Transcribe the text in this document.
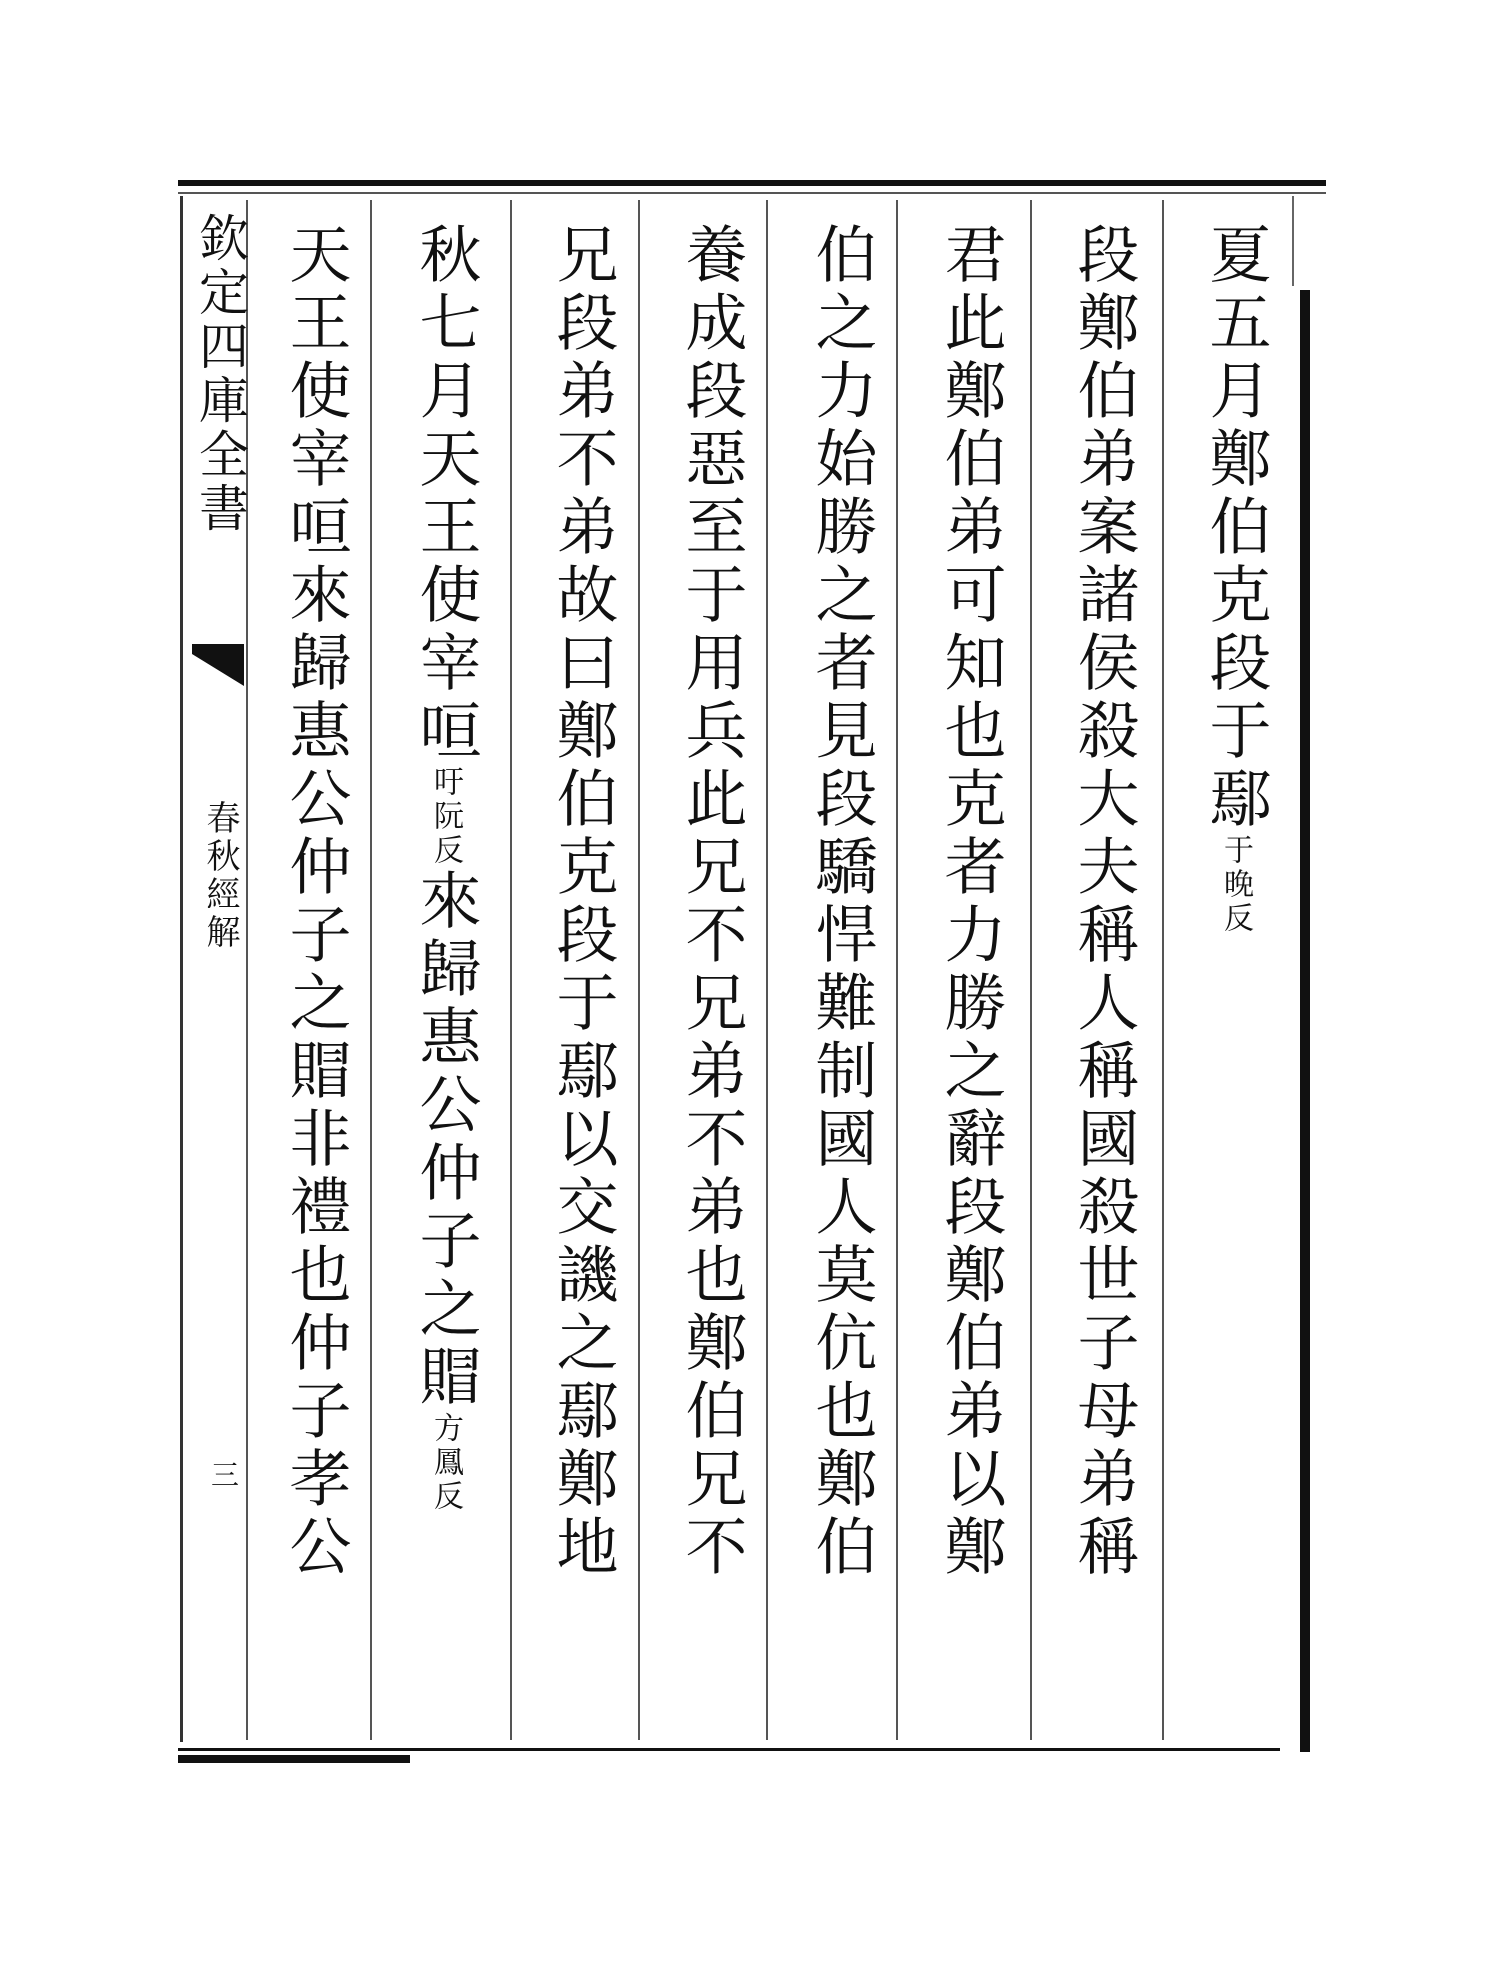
欽定四庫全書
春秋經解
三
夏五月鄭伯克段于鄢于晚反
段鄭伯弟案諸侯殺大夫稱人稱國殺世子母弟稱
君此鄭伯弟可知也克者力勝之辭段鄭伯弟以鄭
伯之力始勝之者見段驕悍難制國人莫伉也鄭伯
養成段惡至于用兵此兄不兄弟不弟也鄭伯兄不
兄段弟不弟故曰鄭伯克段于鄢以交譏之鄢鄭地
秋七月天王使宰咺吁阮反來歸惠公仲子之賵方鳳反
天王使宰咺來歸惠公仲子之賵非禮也仲子孝公
